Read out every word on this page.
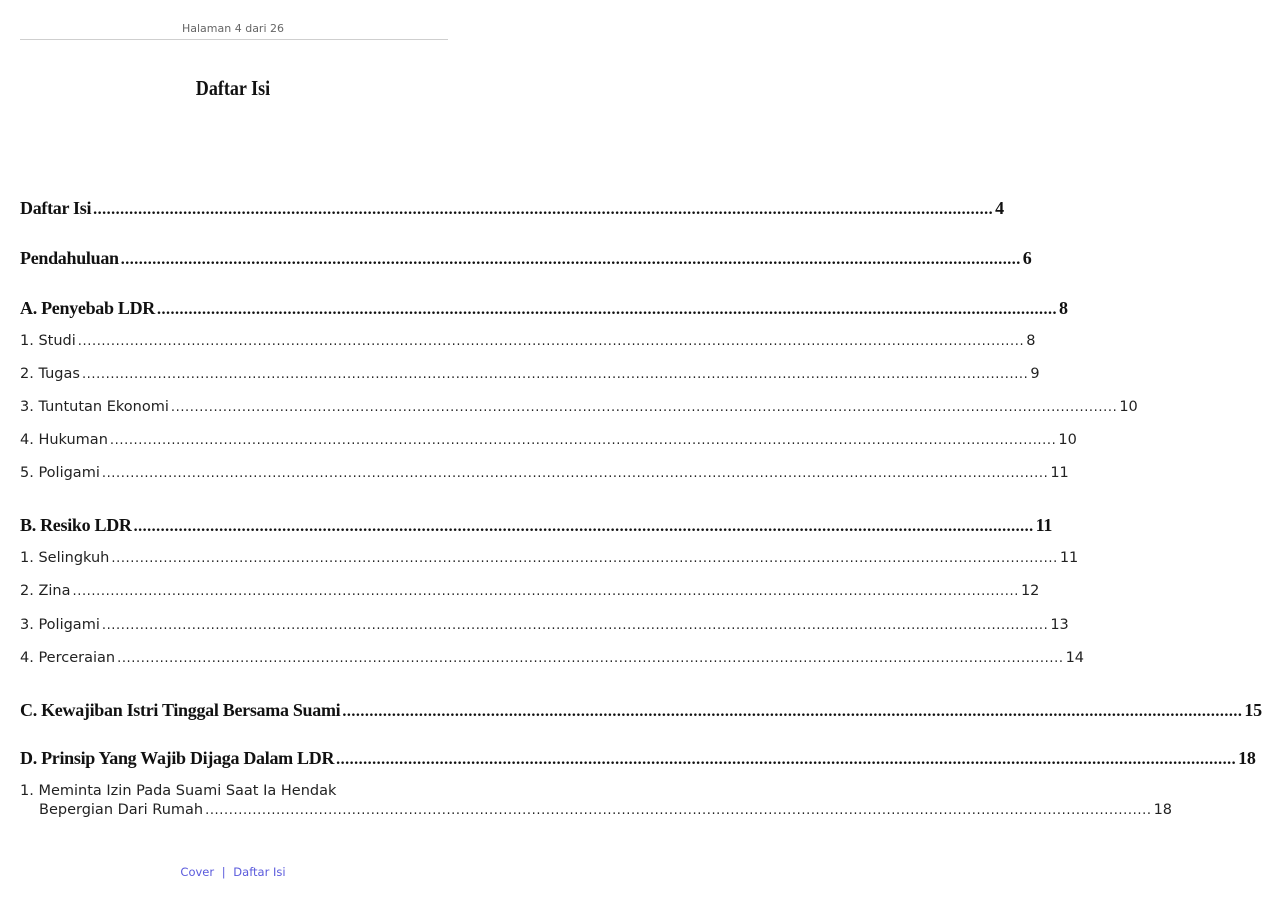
Halaman 4 dari 26
Daftar Isi
Daftar Isi ........................................................................................................................................................................................................ 4
Pendahuluan ........................................................................................................................................................................................................ 6
A. Penyebab LDR ........................................................................................................................................................................................................ 8
1. Studi ........................................................................................................................................................................................................ 8
2. Tugas ........................................................................................................................................................................................................ 9
3. Tuntutan Ekonomi ........................................................................................................................................................................................................ 10
4. Hukuman ........................................................................................................................................................................................................ 10
5. Poligami ........................................................................................................................................................................................................ 11
B. Resiko LDR ........................................................................................................................................................................................................ 11
1. Selingkuh ........................................................................................................................................................................................................ 11
2. Zina ........................................................................................................................................................................................................ 12
3. Poligami ........................................................................................................................................................................................................ 13
4. Perceraian ........................................................................................................................................................................................................ 14
C. Kewajiban Istri Tinggal Bersama Suami ........................................................................................................................................................................................................ 15
D. Prinsip Yang Wajib Dijaga Dalam LDR ........................................................................................................................................................................................................ 18
1. Meminta Izin Pada Suami Saat Ia Hendak
Bepergian Dari Rumah ........................................................................................................................................................................................................ 18
Cover | Daftar Isi
